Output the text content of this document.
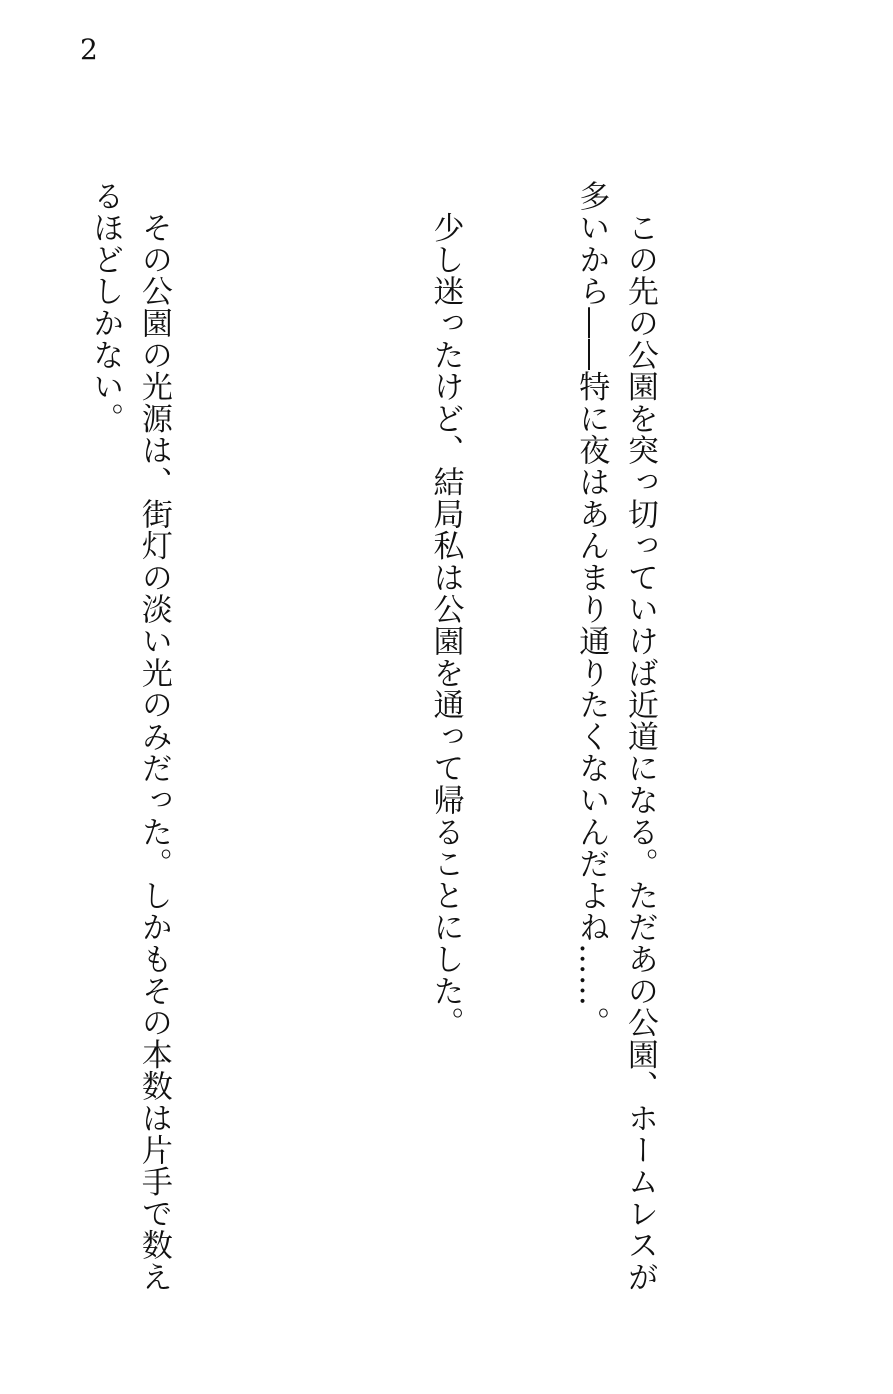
2

　この先の公園を突っ切っていけば近道になる。ただあの公園、ホームレスが多いから――特に夜はあんまり通りたくないんだよね……。

　少し迷ったけど、結局私は公園を通って帰ることにした。

　その公園の光源は、街灯の淡い光のみだった。しかもその本数は片手で数えるほどしかない。
